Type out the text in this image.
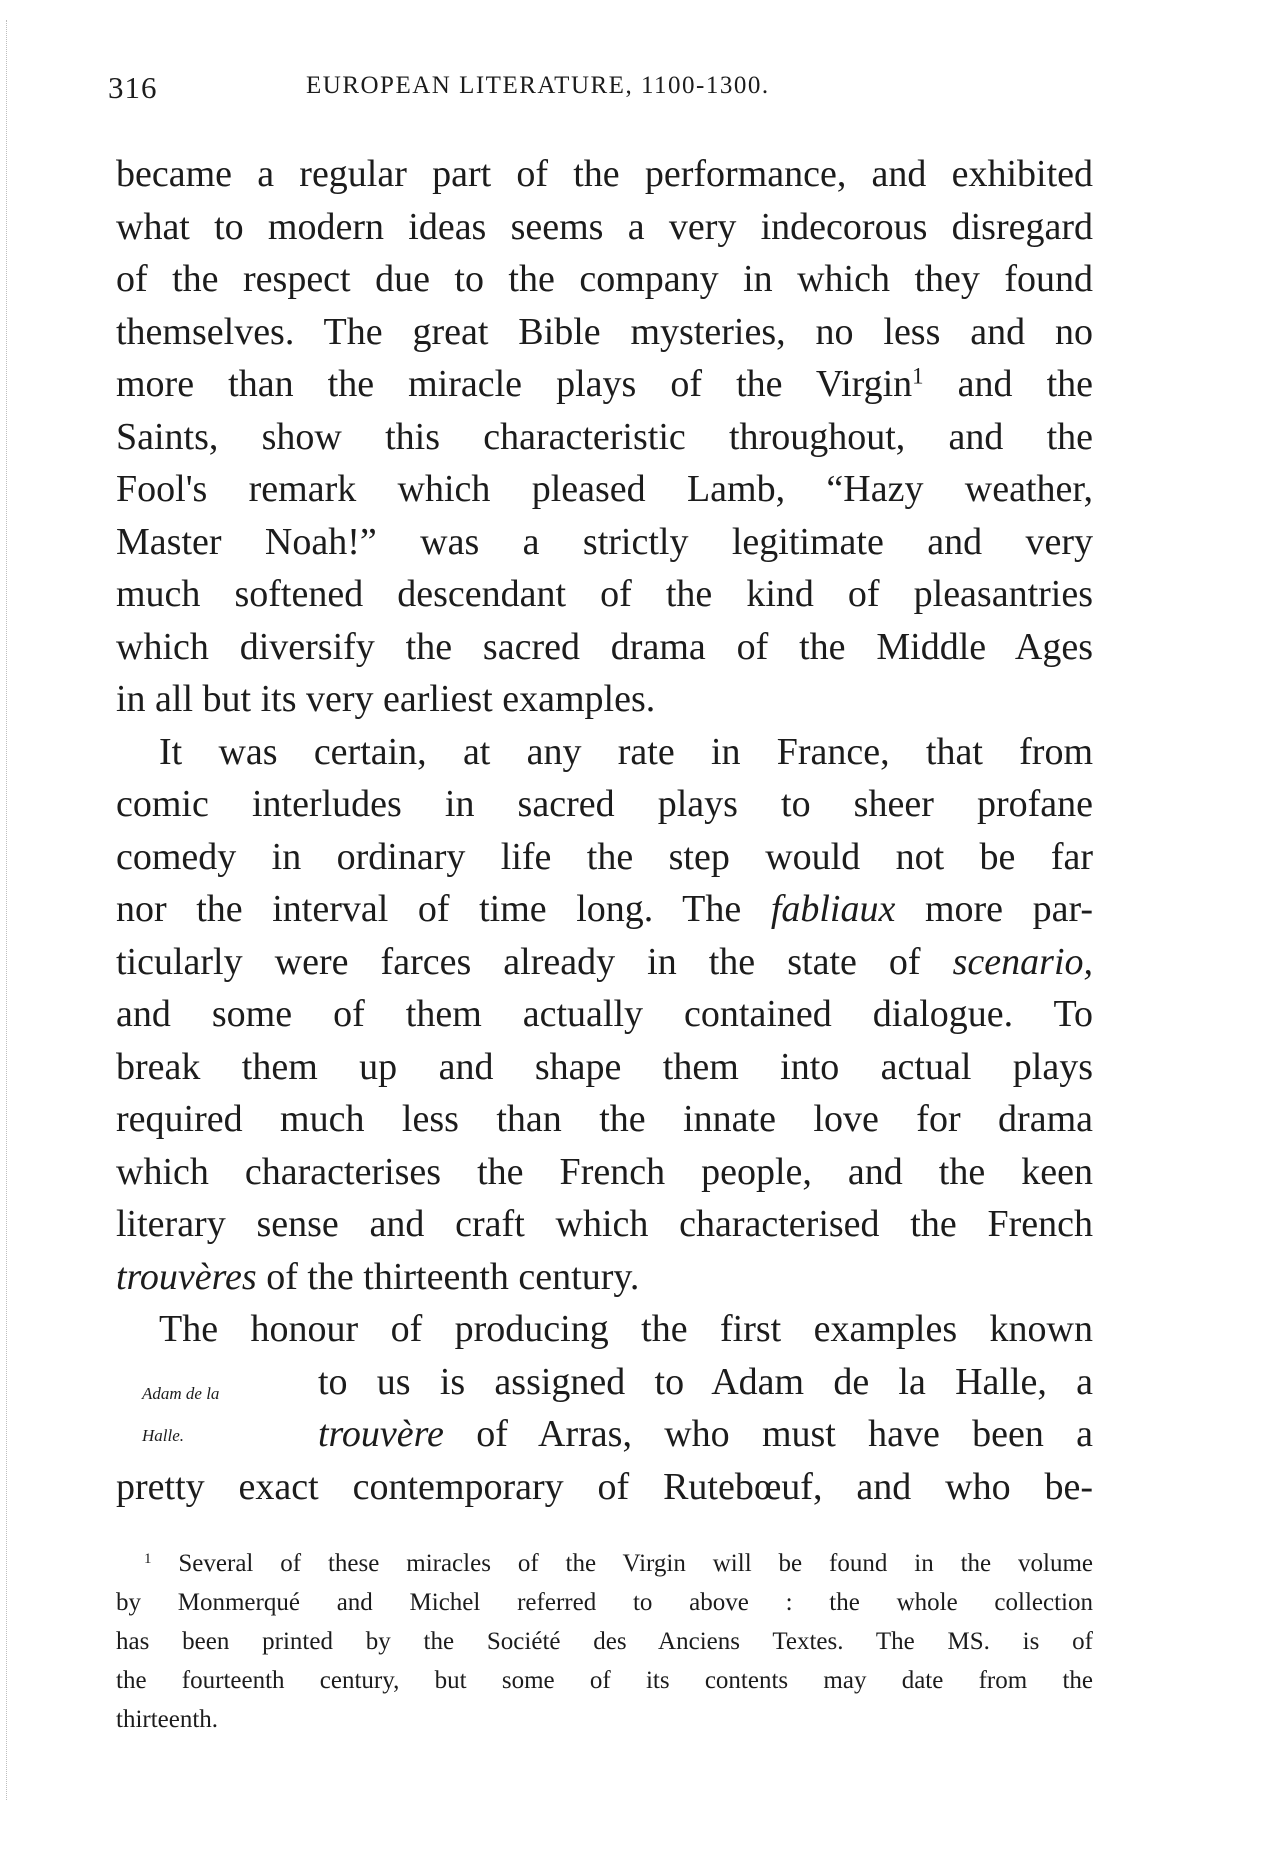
316	EUROPEAN LITERATURE, 1100-1300.
became a regular part of the performance, and exhibited
what to modern ideas seems a very indecorous disregard
of the respect due to the company in which they found
themselves. The great Bible mysteries, no less and no
more than the miracle plays of the Virgin$^1$ and the
Saints, show this characteristic throughout, and the
Fool's remark which pleased Lamb, “Hazy weather,
Master Noah!” was a strictly legitimate and very
much softened descendant of the kind of pleasantries
which diversify the sacred drama of the Middle Ages
in all but its very earliest examples.
It was certain, at any rate in France, that from
comic interludes in sacred plays to sheer profane
comedy in ordinary life the step would not be far
nor the interval of time long. The fabliaux more par-
ticularly were farces already in the state of scenario,
and some of them actually contained dialogue. To
break them up and shape them into actual plays
required much less than the innate love for drama
which characterises the French people, and the keen
literary sense and craft which characterised the French
trouvères of the thirteenth century.
The honour of producing the first examples known
to us is assigned to Adam de la Halle, a
trouvère of Arras, who must have been a
pretty exact contemporary of Rutebœuf, and who be-
Adam de la
Halle.
$^1$ Several of these miracles of the Virgin will be found in the volume
by Monmerqué and Michel referred to above : the whole collection
has been printed by the Société des Anciens Textes. The MS. is of
the fourteenth century, but some of its contents may date from the
thirteenth.
